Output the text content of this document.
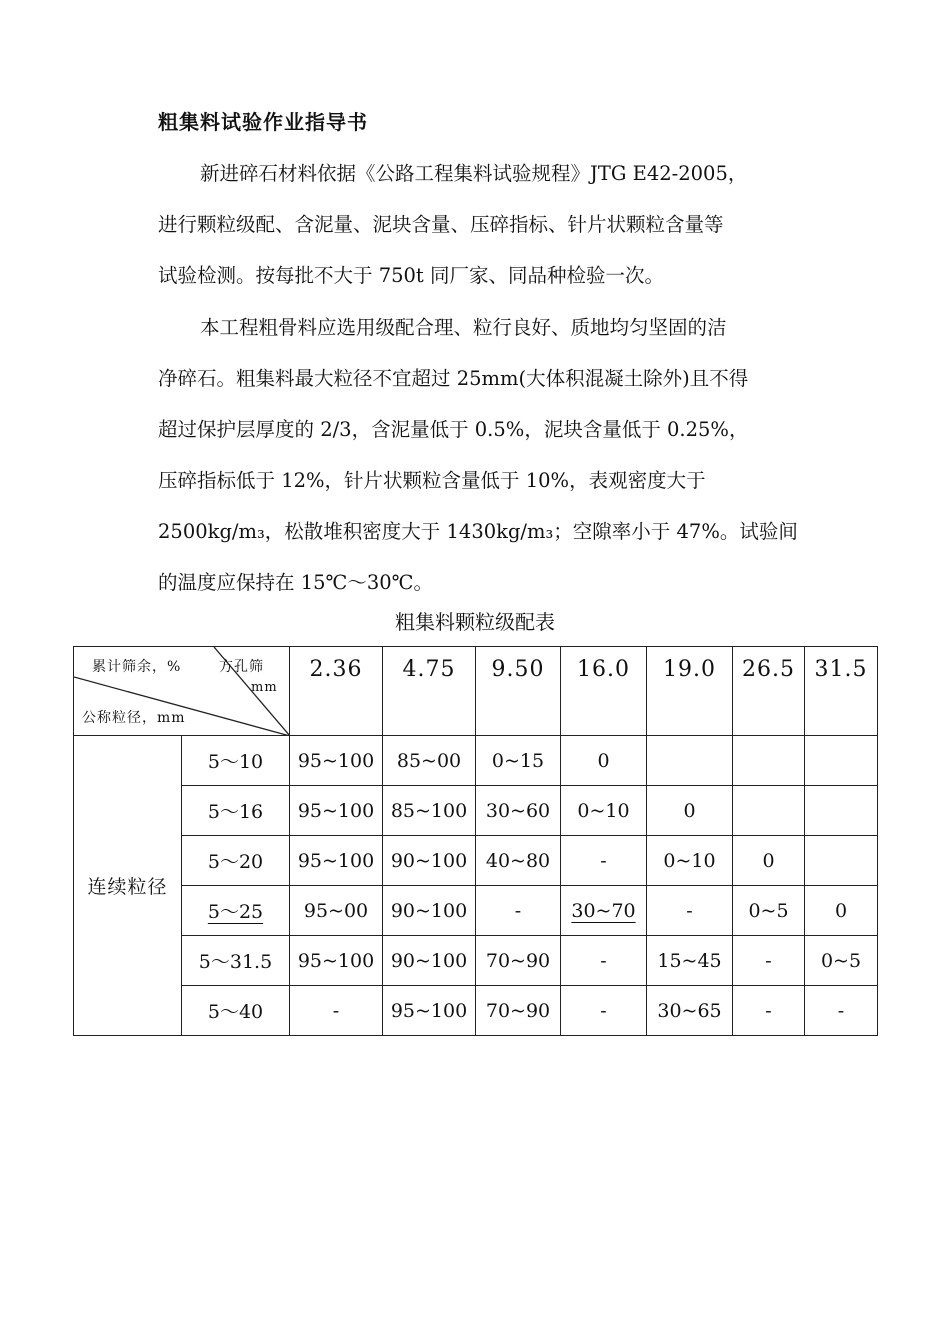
粗集料试验作业指导书
新进碎石材料依据《公路工程集料试验规程》JTG E42-2005，
进行颗粒级配、含泥量、泥块含量、压碎指标、针片状颗粒含量等
试验检测。按每批不大于 750t 同厂家、同品种检验一次。
本工程粗骨料应选用级配合理、粒行良好、质地均匀坚固的洁
净碎石。粗集料最大粒径不宜超过 25mm(大体积混凝土除外)且不得
超过保护层厚度的 2/3，含泥量低于 0.5%，泥块含量低于 0.25%，
压碎指标低于 12%，针片状颗粒含量低于 10%，表观密度大于
2500kg/m₃，松散堆积密度大于 1430kg/m₃；空隙率小于 47%。试验间
的温度应保持在 15℃～30℃。
粗集料颗粒级配表
累计筛余，% 方孔筛
mm
公称粒径，mm		2.36	4.75	9.50	16.0	19.0	26.5	31.5
连续粒径	5～10	95~100	85~00	0~15	0			
	5～16	95~100	85~100	30~60	0~10	0		
	5～20	95~100	90~100	40~80	-	0~10	0	
	5～25	95~00	90~100	-	30~70	-	0~5	0
	5～31.5	95~100	90~100	70~90	-	15~45	-	0~5
	5～40	-	95~100	70~90	-	30~65	-	-
